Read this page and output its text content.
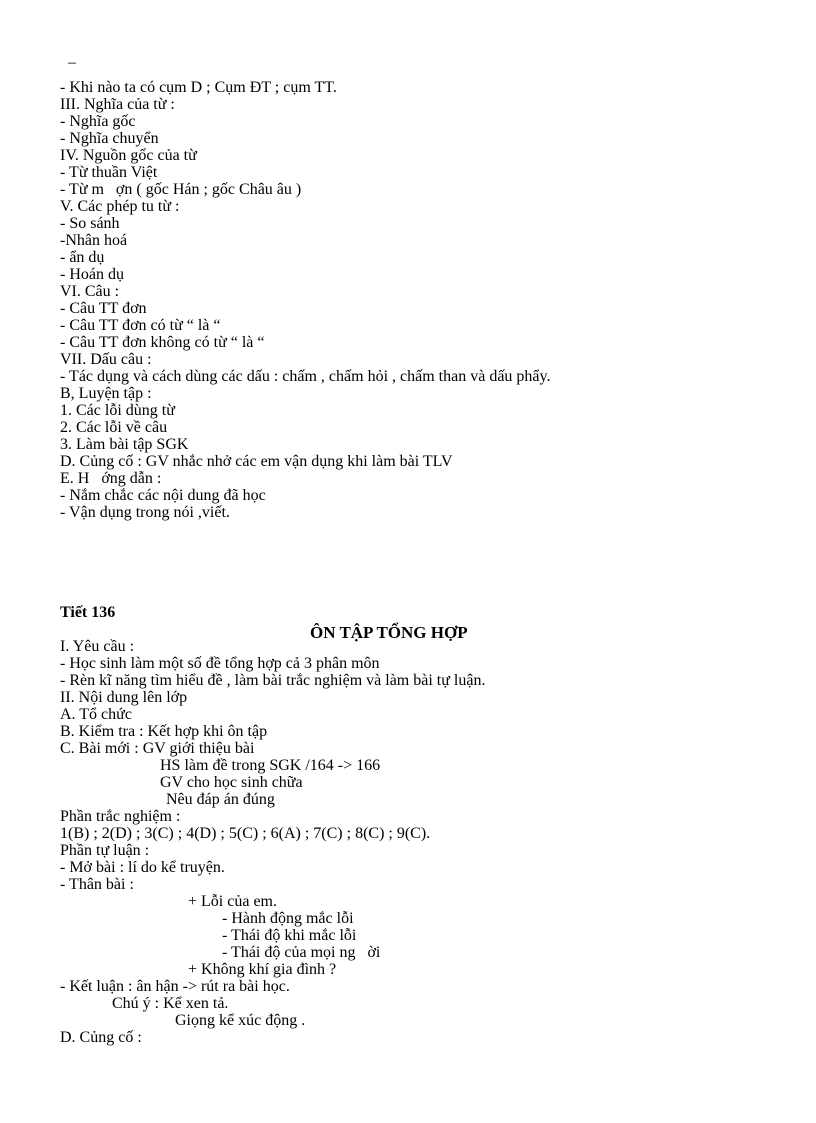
–
- Khi nào ta có cụm D ; Cụm ĐT ; cụm TT.
III. Nghĩa của từ :
- Nghĩa gốc
- Nghĩa chuyển
IV. Nguồn gốc của từ
- Từ thuần Việt
- Từ m   ợn ( gốc Hán ; gốc Châu âu )
V. Các phép tu từ :
- So sánh
-Nhân hoá
- ẩn dụ
- Hoán dụ
VI. Câu :
- Câu TT đơn
- Câu TT đơn có từ “ là “
- Câu TT đơn không có từ “ là “
VII. Dấu câu :
- Tác dụng và cách dùng các dấu : chấm , chấm hỏi , chấm than và dấu phẩy.
B, Luyện tập :
1. Các lỗi dùng từ
2. Các lỗi về câu
3. Làm bài tập SGK
D. Củng cố : GV nhắc nhở các em vận dụng khi làm bài TLV
E. H   ớng dẫn :
- Nắm chắc các nội dung đã học
- Vận dụng trong nói ,viết.
Tiết 136
ÔN TẬP TỔNG HỢP
I. Yêu cầu :
- Học sinh làm một số đề tổng hợp cả 3 phân môn
- Rèn kĩ năng tìm hiểu đề , làm bài trắc nghiệm và làm bài tự luận.
II. Nội dung lên lớp
A. Tổ chức
B. Kiểm tra : Kết hợp khi ôn tập
C. Bài mới : GV giới thiệu bài
HS làm đề trong SGK /164 -> 166
GV cho học sinh chữa
Nêu đáp án đúng
Phần trắc nghiệm :
1(B) ; 2(D) ; 3(C) ; 4(D) ; 5(C) ; 6(A) ; 7(C) ; 8(C) ; 9(C).
Phần tự luận :
- Mở bài : lí do kể truyện.
- Thân bài :
+ Lỗi của em.
- Hành động mắc lỗi
- Thái độ khi mắc lỗi
- Thái độ của mọi ng   ời
+ Không khí gia đình ?
- Kết luận : ân hận -> rút ra bài học.
Chú ý : Kể xen tả.
Giọng kể xúc động .
D. Củng cố :
